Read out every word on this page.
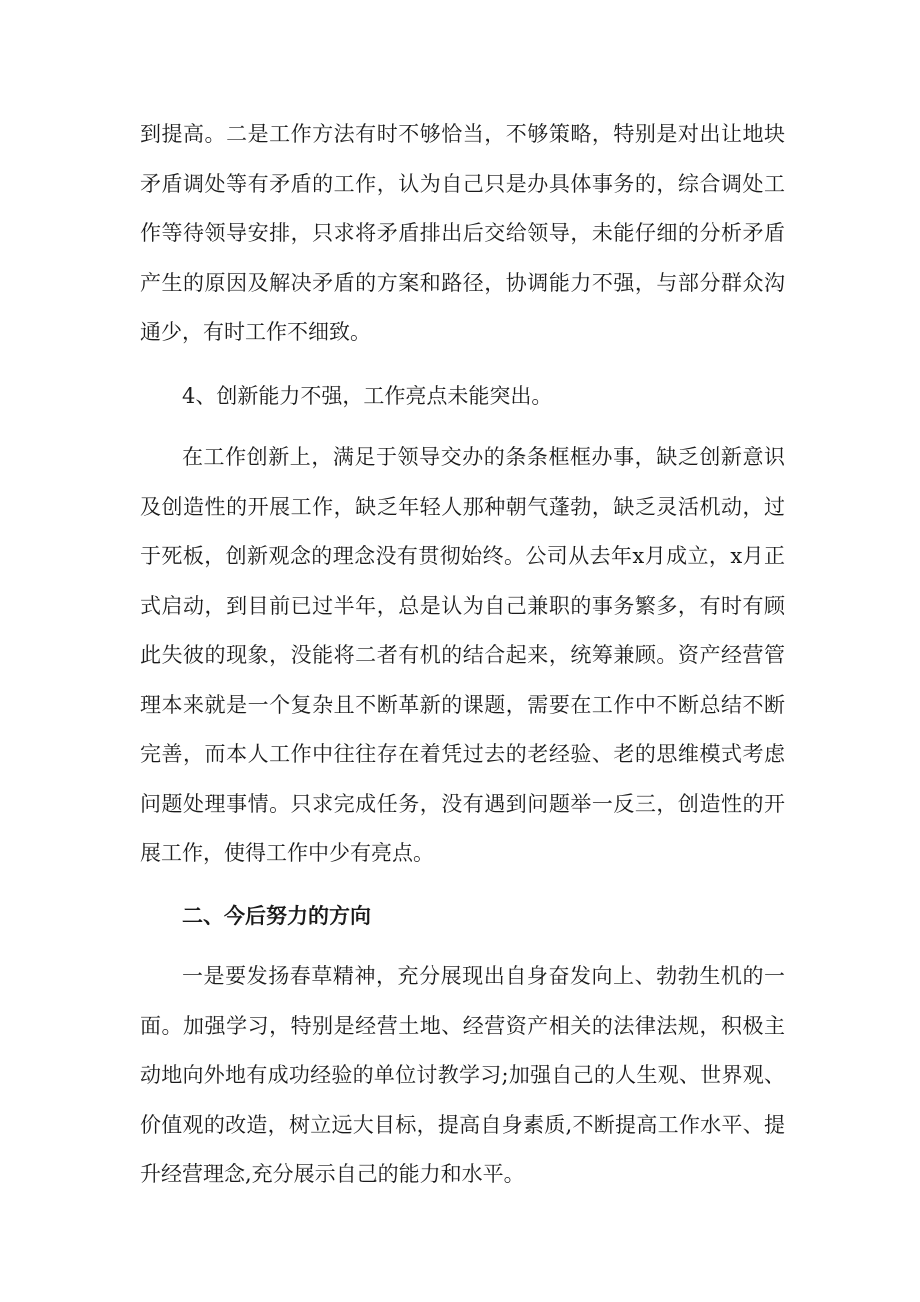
到提高。二是工作方法有时不够恰当，不够策略，特别是对出让地块矛盾调处等有矛盾的工作，认为自己只是办具体事务的，综合调处工作等待领导安排，只求将矛盾排出后交给领导，未能仔细的分析矛盾产生的原因及解决矛盾的方案和路径，协调能力不强，与部分群众沟通少，有时工作不细致。

4、创新能力不强，工作亮点未能突出。

在工作创新上，满足于领导交办的条条框框办事，缺乏创新意识及创造性的开展工作，缺乏年轻人那种朝气蓬勃，缺乏灵活机动，过于死板，创新观念的理念没有贯彻始终。公司从去年x月成立，x月正式启动，到目前已过半年，总是认为自己兼职的事务繁多，有时有顾此失彼的现象，没能将二者有机的结合起来，统筹兼顾。资产经营管理本来就是一个复杂且不断革新的课题，需要在工作中不断总结不断完善，而本人工作中往往存在着凭过去的老经验、老的思维模式考虑问题处理事情。只求完成任务，没有遇到问题举一反三，创造性的开展工作，使得工作中少有亮点。

二、今后努力的方向

一是要发扬春草精神，充分展现出自身奋发向上、勃勃生机的一面。加强学习，特别是经营土地、经营资产相关的法律法规，积极主动地向外地有成功经验的单位讨教学习;加强自己的人生观、世界观、价值观的改造，树立远大目标，提高自身素质,不断提高工作水平、提升经营理念,充分展示自己的能力和水平。
